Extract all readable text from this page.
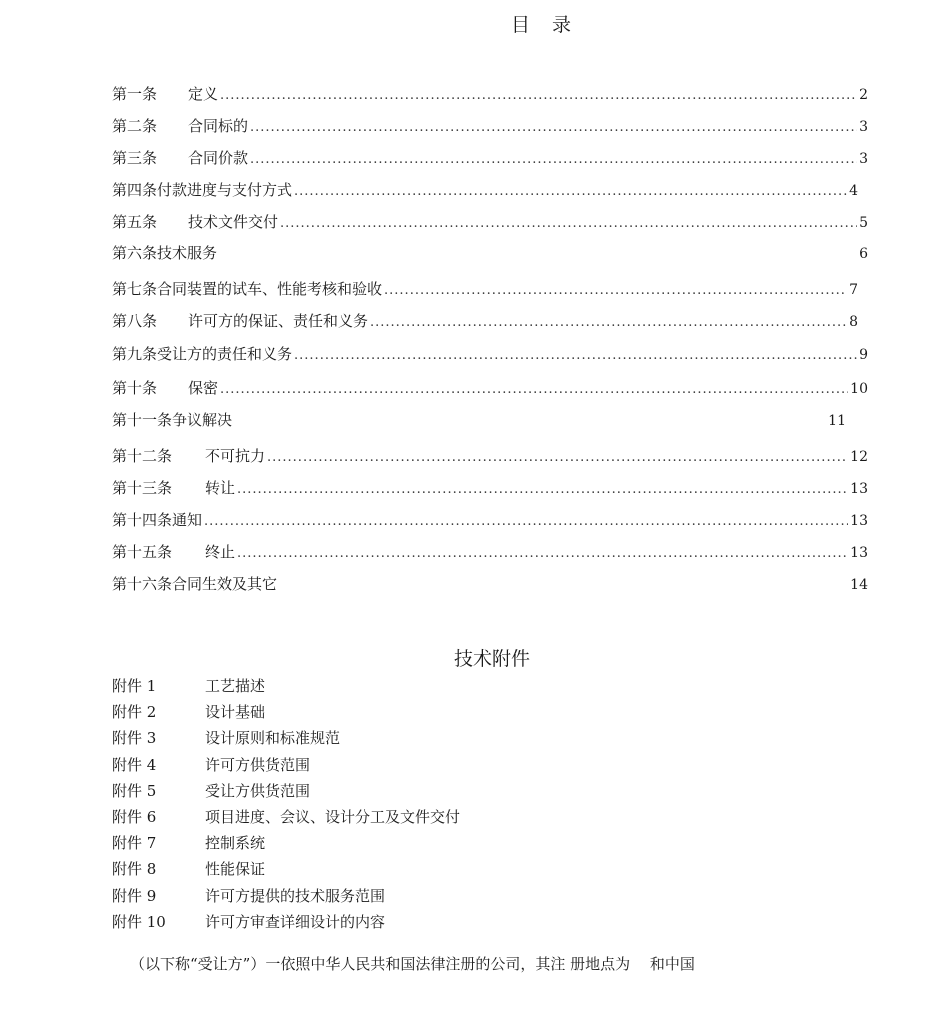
目 录
第一条	定义 .....	2
第二条	合同标的 .....	3
第三条	合同价款 .....	3
第四条 付款进度与支付方式 .....	4
第五条	技术文件交付 .....	5
第六条 技术服务	6
第七条 合同装置的试车、性能考核和验收 .....	7
第八条	许可方的保证、责任和义务 .....	8
第九条 受让方的责任和义务 .....	9
第十条	保密 .....	10
第十一条 争议解决	11
第十二条	不可抗力 .....	12
第十三条	转让 .....	13
第十四条 通知 .....	13
第十五条	终止 .....	13
第十六条 合同生效及其它	14
技术附件
附件 1	工艺描述
附件 2	设计基础
附件 3	设计原则和标准规范
附件 4	许可方供货范围
附件 5	受让方供货范围
附件 6	项目进度、会议、设计分工及文件交付
附件 7	控制系统
附件 8	性能保证
附件 9	许可方提供的技术服务范围
附件 10	许可方审查详细设计的内容
（以下称“受让方”）一依照中华人民共和国法律注册的公司，其注 册地点为 　和中国
